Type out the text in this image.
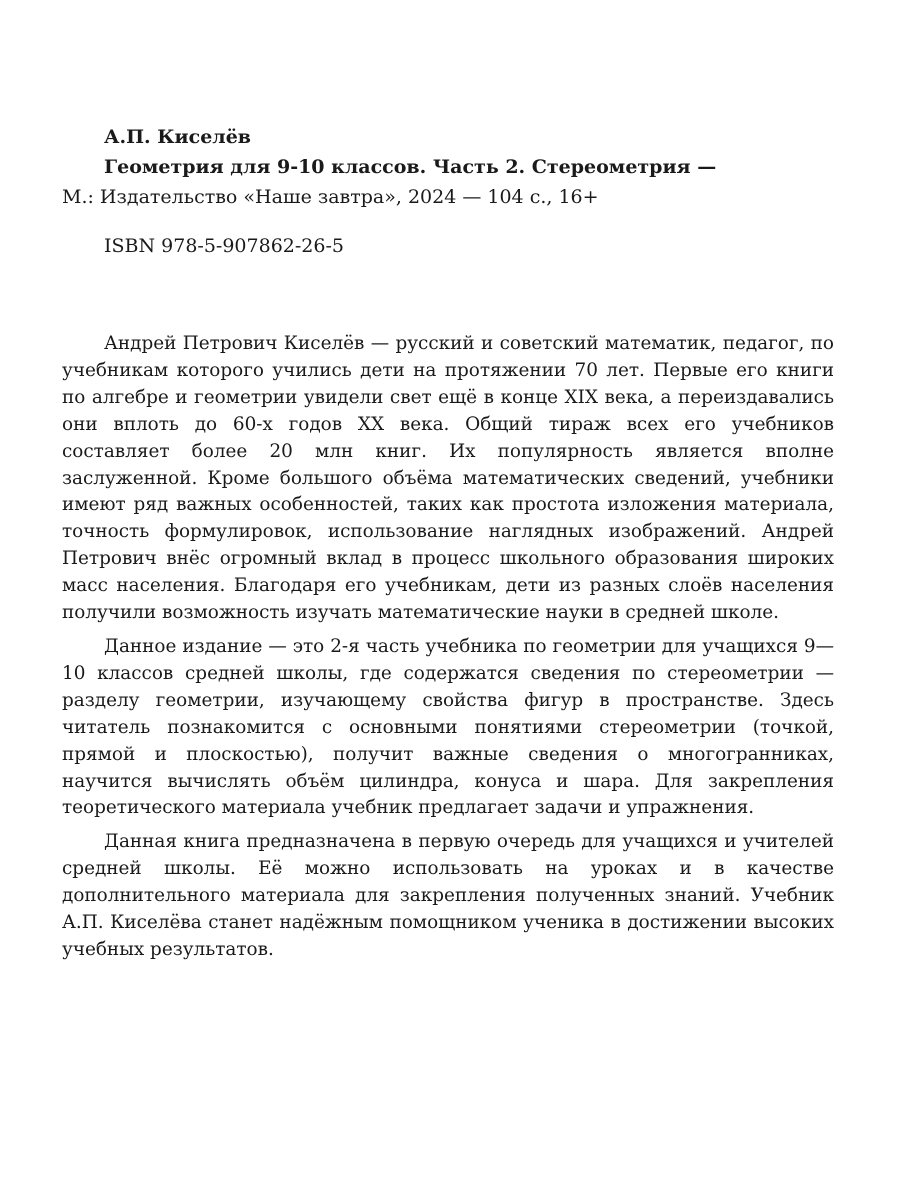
А.П. Киселёв
Геометрия для 9-10 классов. Часть 2. Стереометрия —
М.: Издательство «Наше завтра», 2024 — 104 с., 16+
ISBN 978-5-907862-26-5

Андрей Петрович Киселёв — русский и советский математик, педагог, по учебникам которого учились дети на протяжении 70 лет. Первые его книги по алгебре и геометрии увидели свет ещё в конце XIX века, а переиздавались они вплоть до 60-х годов XX века. Общий тираж всех его учебников составляет более 20 млн книг. Их популярность является вполне заслуженной. Кроме большого объёма математических сведений, учебники имеют ряд важных особенностей, таких как простота изложения материала, точность формулировок, использование наглядных изображений. Андрей Петрович внёс огромный вклад в процесс школьного образования широких масс населения. Благодаря его учебникам, дети из разных слоёв населения получили возможность изучать математические науки в средней школе.

Данное издание — это 2-я часть учебника по геометрии для учащихся 9—10 классов средней школы, где содержатся сведения по стереометрии — разделу геометрии, изучающему свойства фигур в пространстве. Здесь читатель познакомится с основными понятиями стереометрии (точкой, прямой и плоскостью), получит важные сведения о многогранниках, научится вычислять объём цилиндра, конуса и шара. Для закрепления теоретического материала учебник предлагает задачи и упражнения.

Данная книга предназначена в первую очередь для учащихся и учителей средней школы. Её можно использовать на уроках и в качестве дополнительного материала для закрепления полученных знаний. Учебник А.П. Киселёва станет надёжным помощником ученика в достижении высоких учебных результатов.
